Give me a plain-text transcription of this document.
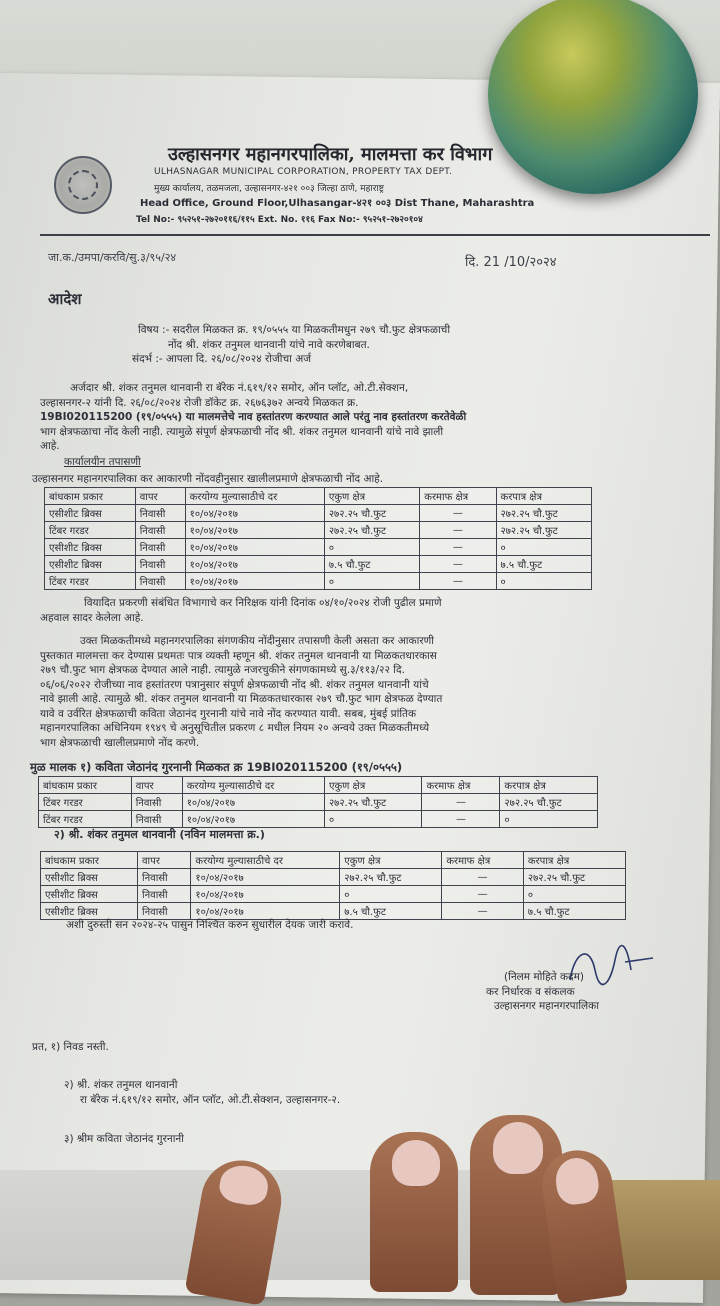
उल्हासनगर महानगरपालिका, मालमत्ता कर विभाग
ULHASNAGAR MUNICIPAL CORPORATION, PROPERTY TAX DEPT.
मुख्य कार्यालय, तळमजला, उल्हासनगर-४२१ ००३ जिल्हा ठाणे, महाराष्ट्र
Head Office, Ground Floor,Ulhasangar-४२१ ००३ Dist Thane, Maharashtra
Tel No:- ९५२५१-२७२०११६/११५ Ext. No. ११६ Fax No:- ९५२५१-२७२०१०४
जा.क./उमपा/करवि/सु.३/९५/२४	दि. 21 /10/२०२४
आदेश
विषय :- सदरील मिळकत क्र. १९/०५५५ या मिळकतीमधुन २७९ चौ.फुट क्षेत्रफळाची
नोंद श्री. शंकर तनुमल थानवानी यांचे नावे करणेबाबत.
संदर्भ :- आपला दि. २६/०८/२०२४ रोजीचा अर्ज
अर्जदार श्री. शंकर तनुमल थानवानी रा बॅरेक नं.६१९/१२ समोर, ऑन प्लॉट, ओ.टी.सेक्शन,
उल्हासनगर-२ यांनी दि. २६/०८/२०२४ रोजी डॉकेट क्र. २६७६३७२ अन्वये मिळकत क्र.
19BI020115200 (१९/०५५५) या मालमत्तेचे नाव हस्तांतरण करण्यात आले परंतु नाव हस्तांतरण करतेवेळी
भाग क्षेत्रफळाचा नोंद केली नाही. त्यामुळे संपूर्ण क्षेत्रफळाची नोंद श्री. शंकर तनुमल थानवानी यांचे नावे झाली
आहे.
कार्यालयीन तपासणी
उल्हासनगर महानगरपालिका कर आकारणी नोंदवहीनुसार खालीलप्रमाणे क्षेत्रफळाची नोंद आहे.
बांधकाम प्रकार	वापर	करयोग्य मुल्यासाठीचे दर	एकुण क्षेत्र	करमाफ क्षेत्र	करपात्र क्षेत्र
एसीशीट ब्रिक्स	निवासी	१०/०४/२०१७	२७२.२५ चौ.फुट	—	२७२.२५ चौ.फुट
टिंबर गरडर	निवासी	१०/०४/२०१७	२७२.२५ चौ.फुट	—	२७२.२५ चौ.फुट
एसीशीट ब्रिक्स	निवासी	१०/०४/२०१७	०	—	०
एसीशीट ब्रिक्स	निवासी	१०/०४/२०१७	७.५ चौ.फुट	—	७.५ चौ.फुट
टिंबर गरडर	निवासी	१०/०४/२०१७	०	—	०
वियादित प्रकरणी संबंधित विभागाचे कर निरिक्षक यांनी दिनांक ०४/१०/२०२४ रोजी पुढील प्रमाणे
अहवाल सादर केलेला आहे.
उक्त मिळकतीमध्ये महानगरपालिका संगणकीय नोंदीनुसार तपासणी केली असता कर आकारणी
पुस्तकात मालमत्ता कर देण्यास प्रथमतः पात्र व्यक्ती म्हणून श्री. शंकर तनुमल थानवानी या मिळकतधारकास
२७९ चौ.फुट भाग क्षेत्रफळ देण्यात आले नाही. त्यामुळे नजरचुकीने संगणकामध्ये सु.३/११३/२२ दि.
०६/०६/२०२२ रोजीच्या नाव हस्तांतरण पत्रानुसार संपूर्ण क्षेत्रफळाची नोंद श्री. शंकर तनुमल थानवानी यांचे
नावे झाली आहे. त्यामुळे श्री. शंकर तनुमल थानवानी या मिळकतधारकास २७९ चौ.फुट भाग क्षेत्रफळ देण्यात
यावे व उर्वरित क्षेत्रफळाची कविता जेठानंद गुरनानी यांचे नावे नोंद करण्यात यावी. सबब, मुंबई प्रांतिक
महानगरपालिका अधिनियम १९४९ चे अनुसूचितील प्रकरण ८ मधील नियम २० अन्वये उक्त मिळकतीमध्ये
भाग क्षेत्रफळाची खालीलप्रमाणे नोंद करणे.
मुळ मालक १) कविता जेठानंद गुरनानी मिळकत क्र 19BI020115200 (१९/०५५५)
बांधकाम प्रकार	वापर	करयोग्य मुल्यासाठीचे दर	एकुण क्षेत्र	करमाफ क्षेत्र	करपात्र क्षेत्र
टिंबर गरडर	निवासी	१०/०४/२०१७	२७२.२५ चौ.फुट	—	२७२.२५ चौ.फुट
टिंबर गरडर	निवासी	१०/०४/२०१७	०	—	०
२) श्री. शंकर तनुमल थानवानी (नविन मालमत्ता क्र.)
बांधकाम प्रकार	वापर	करयोग्य मुल्यासाठीचे दर	एकुण क्षेत्र	करमाफ क्षेत्र	करपात्र क्षेत्र
एसीशीट ब्रिक्स	निवासी	१०/०४/२०१७	२७२.२५ चौ.फुट	—	२७२.२५ चौ.फुट
एसीशीट ब्रिक्स	निवासी	१०/०४/२०१७	०	—	०
एसीशीट ब्रिक्स	निवासी	१०/०४/२०१७	७.५ चौ.फुट	—	७.५ चौ.फुट
अशी दुरुस्ती सन २०२४-२५ पासुन निश्चित करुन सुधारील देयक जारी करावे.
(निलम मोहिते कदम)
कर निर्धारक व संकलक
उल्हासनगर महानगरपालिका
प्रत, १) निवड नस्ती.
२) श्री. शंकर तनुमल थानवानी
रा बॅरेक नं.६१९/१२ समोर, ऑन प्लॉट, ओ.टी.सेक्शन, उल्हासनगर-२.
३) श्रीम कविता जेठानंद गुरनानी
